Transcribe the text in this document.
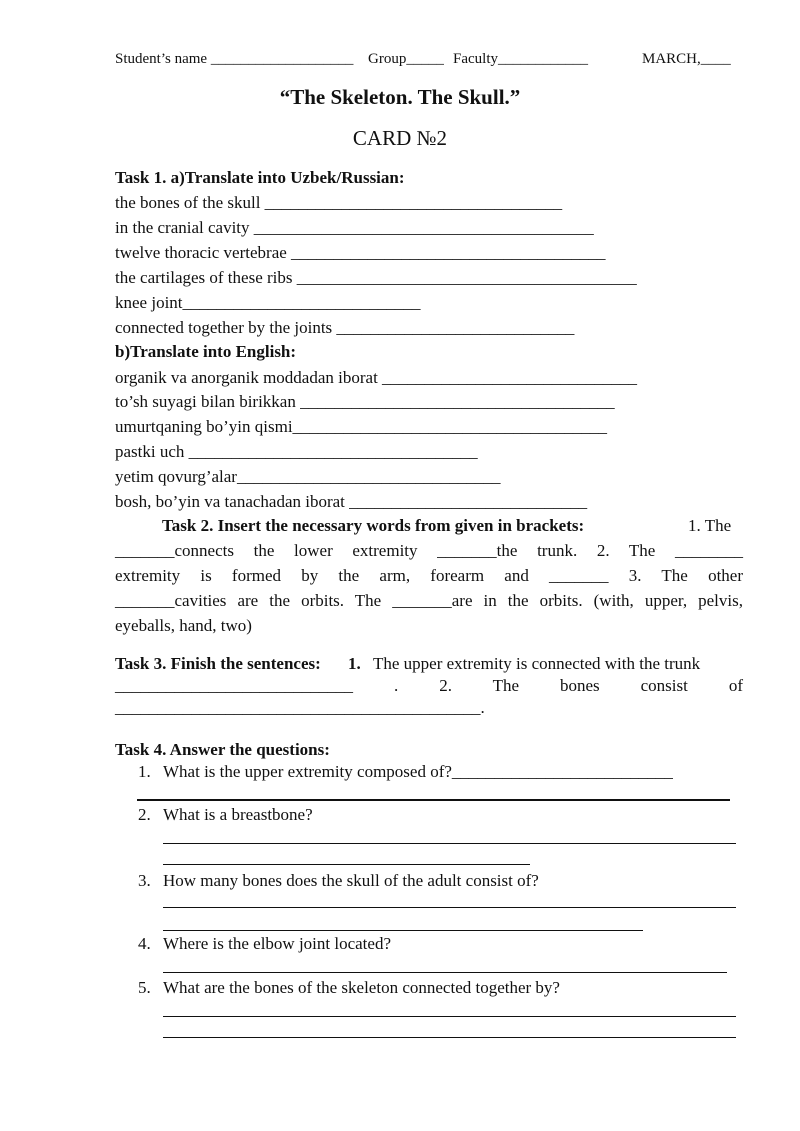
Student’s name ___________________ Group_____ Faculty____________	MARCH,____
“The Skeleton. The Skull.”
CARD №2
Task 1. a)Translate into Uzbek/Russian:
the bones of the skull ___________________________________
in the cranial cavity ________________________________________
twelve thoracic vertebrae _____________________________________
the cartilages of these ribs ________________________________________
knee joint____________________________
connected together by the joints ____________________________
b)Translate into English:
organik va anorganik moddadan iborat ______________________________
to’sh suyagi bilan birikkan _____________________________________
umurtqaning bo’yin qismi_____________________________________
pastki uch __________________________________
yetim qovurg’alar_______________________________
bosh, bo’yin va tanachadan iborat ____________________________
Task 2. Insert the necessary words from given in brackets:	1. The
_______connects the lower extremity _______the trunk. 2. The ________
extremity is formed by the arm, forearm and _______ 3. The other
_______cavities are the orbits. The _______are in the orbits. (with, upper, pelvis,
eyeballs, hand, two)
Task 3. Finish the sentences: 1. The upper extremity is connected with the trunk
____________________________ . 2. The bones consist of
___________________________________________.
Task 4. Answer the questions:
1. What is the upper extremity composed of?__________________________
2. What is a breastbone?
3. How many bones does the skull of the adult consist of?
4. Where is the elbow joint located?
5. What are the bones of the skeleton connected together by?
